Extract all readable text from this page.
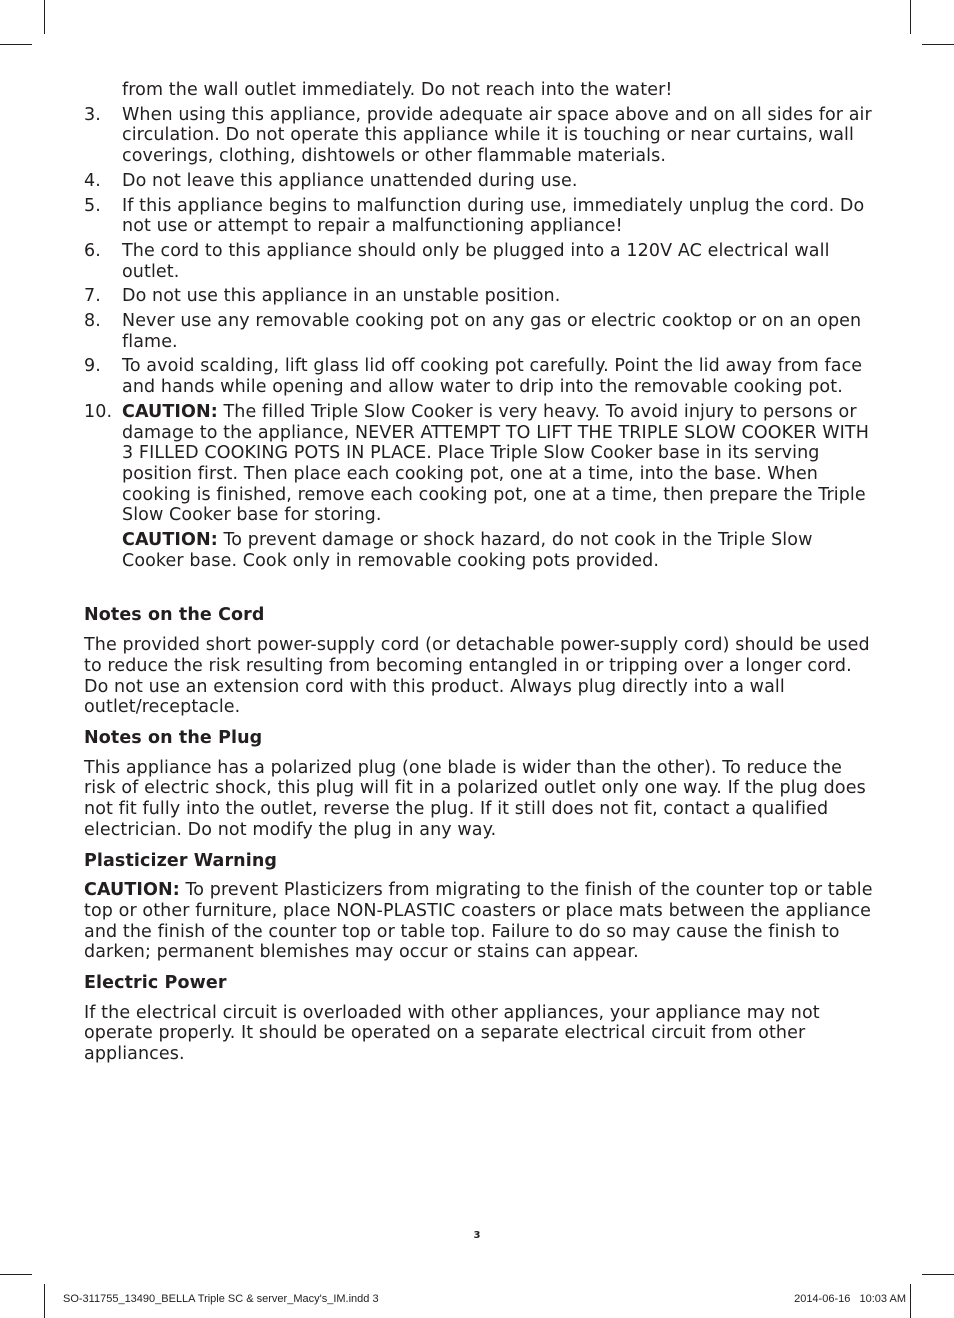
from the wall outlet immediately. Do not reach into the water!
3.	When using this appliance, provide adequate air space above and on all sides for air circulation. Do not operate this appliance while it is touching or near curtains, wall coverings, clothing, dishtowels or other flammable materials.
4.	Do not leave this appliance unattended during use.
5.	If this appliance begins to malfunction during use, immediately unplug the cord. Do not use or attempt to repair a malfunctioning appliance!
6.	The cord to this appliance should only be plugged into a 120V AC electrical wall outlet.
7.	Do not use this appliance in an unstable position.
8.	Never use any removable cooking pot on any gas or electric cooktop or on an open flame.
9.	To avoid scalding, lift glass lid off cooking pot carefully. Point the lid away from face and hands while opening and allow water to drip into the removable cooking pot.
10. CAUTION: The filled Triple Slow Cooker is very heavy. To avoid injury to persons or damage to the appliance, NEVER ATTEMPT TO LIFT THE TRIPLE SLOW COOKER WITH 3 FILLED COOKING POTS IN PLACE. Place Triple Slow Cooker base in its serving position first. Then place each cooking pot, one at a time, into the base. When cooking is finished, remove each cooking pot, one at a time, then prepare the Triple Slow Cooker base for storing.
CAUTION: To prevent damage or shock hazard, do not cook in the Triple Slow Cooker base. Cook only in removable cooking pots provided.
Notes on the Cord
The provided short power-supply cord (or detachable power-supply cord) should be used to reduce the risk resulting from becoming entangled in or tripping over a longer cord. Do not use an extension cord with this product. Always plug directly into a wall outlet/receptacle.
Notes on the Plug
This appliance has a polarized plug (one blade is wider than the other). To reduce the risk of electric shock, this plug will fit in a polarized outlet only one way. If the plug does not fit fully into the outlet, reverse the plug. If it still does not fit, contact a qualified electrician. Do not modify the plug in any way.
Plasticizer Warning
CAUTION: To prevent Plasticizers from migrating to the finish of the counter top or table top or other furniture, place NON-PLASTIC coasters or place mats between the appliance and the finish of the counter top or table top. Failure to do so may cause the finish to darken; permanent blemishes may occur or stains can appear.
Electric Power
If the electrical circuit is overloaded with other appliances, your appliance may not operate properly. It should be operated on a separate electrical circuit from other appliances.
3
SO-311755_13490_BELLA Triple SC & server_Macy's_IM.indd 3	2014-06-16   10:03 AM
